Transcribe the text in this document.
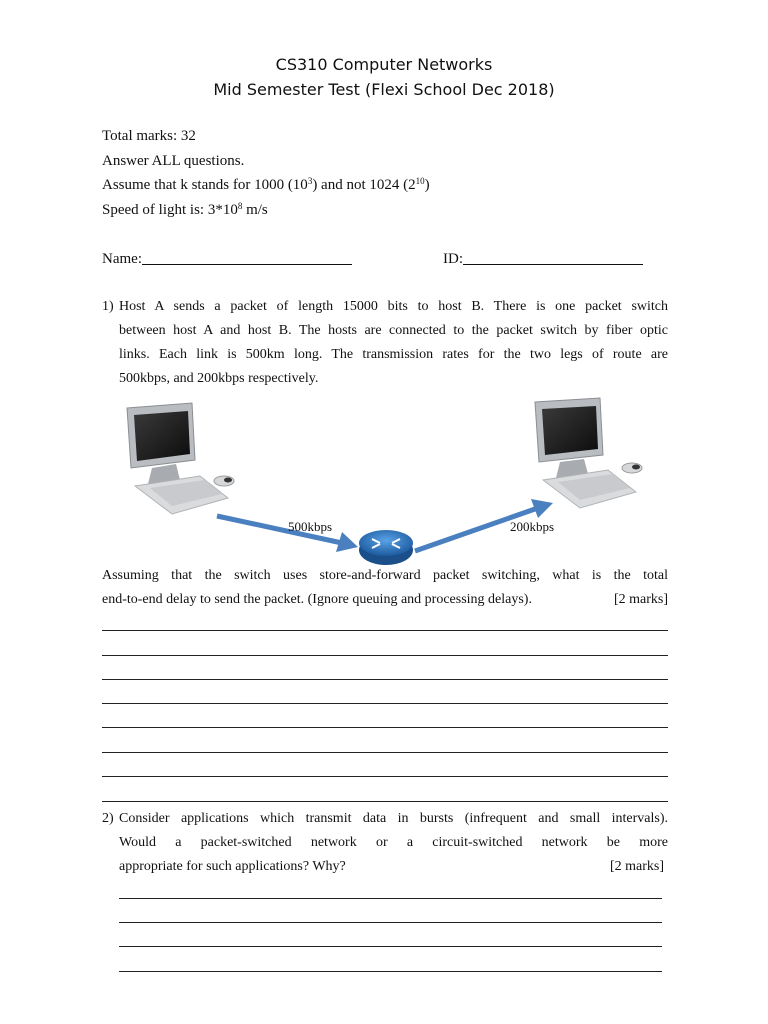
CS310 Computer Networks
Mid Semester Test (Flexi School Dec 2018)
Total marks: 32
Answer ALL questions.
Assume that k stands for 1000 $(10^3)$ and not 1024 $(2^{10})$
Speed of light is: $3*10^8$ m/s
Name:	ID:
1) Host A sends a packet of length 15000 bits to host B. There is one packet switch
between host A and host B. The hosts are connected to the packet switch by fiber optic
links. Each link is 500km long. The transmission rates for the two legs of route are
500kbps, and 200kbps respectively.
500kbps	200kbps
Assuming that the switch uses store-and-forward packet switching, what is the total
end-to-end delay to send the packet. (Ignore queuing and processing delays).	[2 marks]
2) Consider applications which transmit data in bursts (infrequent and small intervals).
Would a packet-switched network or a circuit-switched network be more
appropriate for such applications? Why?	[2 marks]
